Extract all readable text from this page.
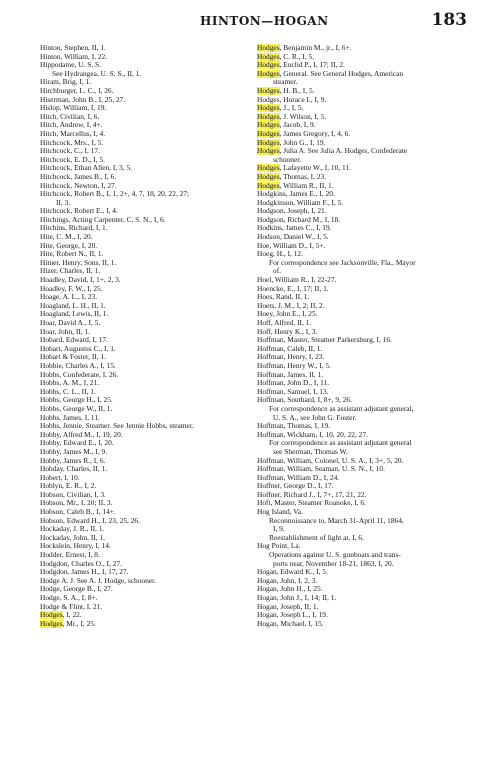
HINTON—HOGAN	183
Hinton, Stephen, II, 1.
Hinton, William, I, 22.
Hippodame, U. S. S.
See Hydrangea, U. S. S., II, 1.
Hiram, Brig, I, 1.
Hirchburger, L. C., I, 26.
Hiserman, John B., I, 25, 27.
Hislop, William, I, 19.
Hitch, Civilian, I, 6.
Hitch, Andrew, I, 4+.
Hitch, Marcellus, I, 4.
Hitchcock, Mrs., I, 5.
Hitchcock, C., I, 17.
Hitchcock, E. D., I, 5.
Hitchcock, Ethan Allen, I, 3, 5.
Hitchcock, James B., I, 6.
Hitchcock, Newton, I, 27.
Hitchcock, Robert B., I, 1, 2+, 4, 7, 18, 20, 22, 27;
II, 3.
Hitchcock, Robert E., I, 4.
Hitchings, Acting Carpenter, C. S. N., I, 6.
Hitchins, Richard, I, 1.
Hite, C. M., I, 20.
Hite, George, I, 20.
Hite, Robert N., II, 1.
Hitner, Henry, Sons, II, 1.
Hizer, Charles, II, 1.
Hoadley, David, I, 1+, 2, 3.
Hoadley, F. W., I, 25.
Hoage, A. L., I, 23.
Hoagland, L. H., II, 1.
Hoagland, Lewis, II, 1.
Hoar, David A., I, 5.
Hoar, John, II, 1.
Hobard, Edward, I, 17.
Hobart, Augustus C., I, 1.
Hobart & Foster, II, 1.
Hobbie, Charles A., I, 15.
Hobbs, Confederate, I, 26.
Hobbs, A. M., I, 21.
Hobbs, C. L., II, 1.
Hobbs, George H., I, 25.
Hobbs, George W., II, 1.
Hobbs, James, I, 11.
Hobbs, Jennie, Steamer. See Jennie Hobbs, steamer.
Hobby, Alfred M., I, 19, 20.
Hobby, Edward E., I, 20.
Hobby, James M., I, 9.
Hobby, James R., I, 6.
Hobday, Charles, II, 1.
Hobert, I, 10.
Hoblyn, E. R., I, 2.
Hobson, Civilian, I, 3.
Hobson, Mr., I, 20; II, 3.
Hobson, Caleb B., I, 14+.
Hobson, Edward H., I, 23, 25, 26.
Hockaday, J. R., II, 1.
Hockaday, John, II, 1.
Hockslein, Henry, I, 14.
Hodder, Ernest, I, 8.
Hodgdon, Charles O., I, 27.
Hodgdon, James H., I, 17, 27.
Hodge A. J. See A. J. Hodge, schooner.
Hodge, George B., I, 27.
Hodge, S. A., I, 8+.
Hodge & Flint, I, 21.
Hodges, I, 22.
Hodges, Mr., I, 25.
Hodges, Benjamin M., jr., I, 6+.
Hodges, C. R., I, 5.
Hodges, Euclid P., I, 17; II, 2.
Hodges, General. See General Hodges, American
steamer.
Hodges, H. B., I, 5.
Hodges, Horace I., I, 9.
Hodges, J., I, 5.
Hodges, J. Wilson, I, 5.
Hodges, Jacob, I, 9.
Hodges, James Gregory, I, 4, 6.
Hodges, John G., I, 19.
Hodges, Julia A. See Julia A. Hodges, Confederate
schooner.
Hodges, Lafayette W., I, 10, 11.
Hodges, Thomas, I, 23.
Hodges, William R., II, 1.
Hodgkins, James E., I, 20.
Hodgkinson, William F., I, 5.
Hodgson, Joseph, I, 21.
Hodgson, Richard M., I, 18.
Hodkins, James C., I, 19.
Hodson, Daniel W., I, 5.
Hoe, William D., I, 5+.
Hoeg, H., I, 12.
For correspondence see Jacksonville, Fla., Mayor
of.
Hoel, William R., I, 22-27.
Hoencke, E., I, 17; II, 1.
Hoes, Rand, II, 1.
Hoets, J. M., I, 2; II, 2.
Hoey, John E., I, 25.
Hoff, Alfred, II, 1.
Hoff, Henry K., I, 3.
Hoffman, Master, Steamer Parkersburg, I, 16.
Hoffman, Caleb, II, 1.
Hoffman, Henry, I, 23.
Hoffman, Henry W., I, 5.
Hoffman, James, II, 1.
Hoffman, John D., I, 11.
Hoffman, Samuel, I, 13.
Hoffman, Southard, I, 8+, 9, 26.
For correspondence as assistant adjutant general,
U. S. A., see John G. Foster.
Hoffman, Thomas, I, 19.
Hoffman, Wickham, I, 10, 20, 22, 27.
For correspondence as assistant adjutant general
see Sherman, Thomas W.
Hoffman, William, Colonel, U. S. A., I, 3+, 5, 20.
Hoffman, William, Seaman, U. S. N., I, 10.
Hoffman, William D., I, 24.
Hoffner, George D., I, 17.
Hoffner, Richard J., I, 7+, 17, 21, 22.
Hoft, Master, Steamer Roanoke, I, 6.
Hog Island, Va.
Reconnoissance to, March 31-April 11, 1864,
I, 9.
Reestablishment of light at, I, 6.
Hog Point, La.
Operations against U. S. gunboats and trans-
ports near, November 18-21, 1863, I, 20.
Hogan, Edward K., I, 5.
Hogan, John, I, 2, 3.
Hogan, John H., I, 25.
Hogan, John J., I, 14; II, 1.
Hogan, Joseph, II, 1.
Hogan, Joseph L., I, 19.
Hogan, Michael, I, 15.
